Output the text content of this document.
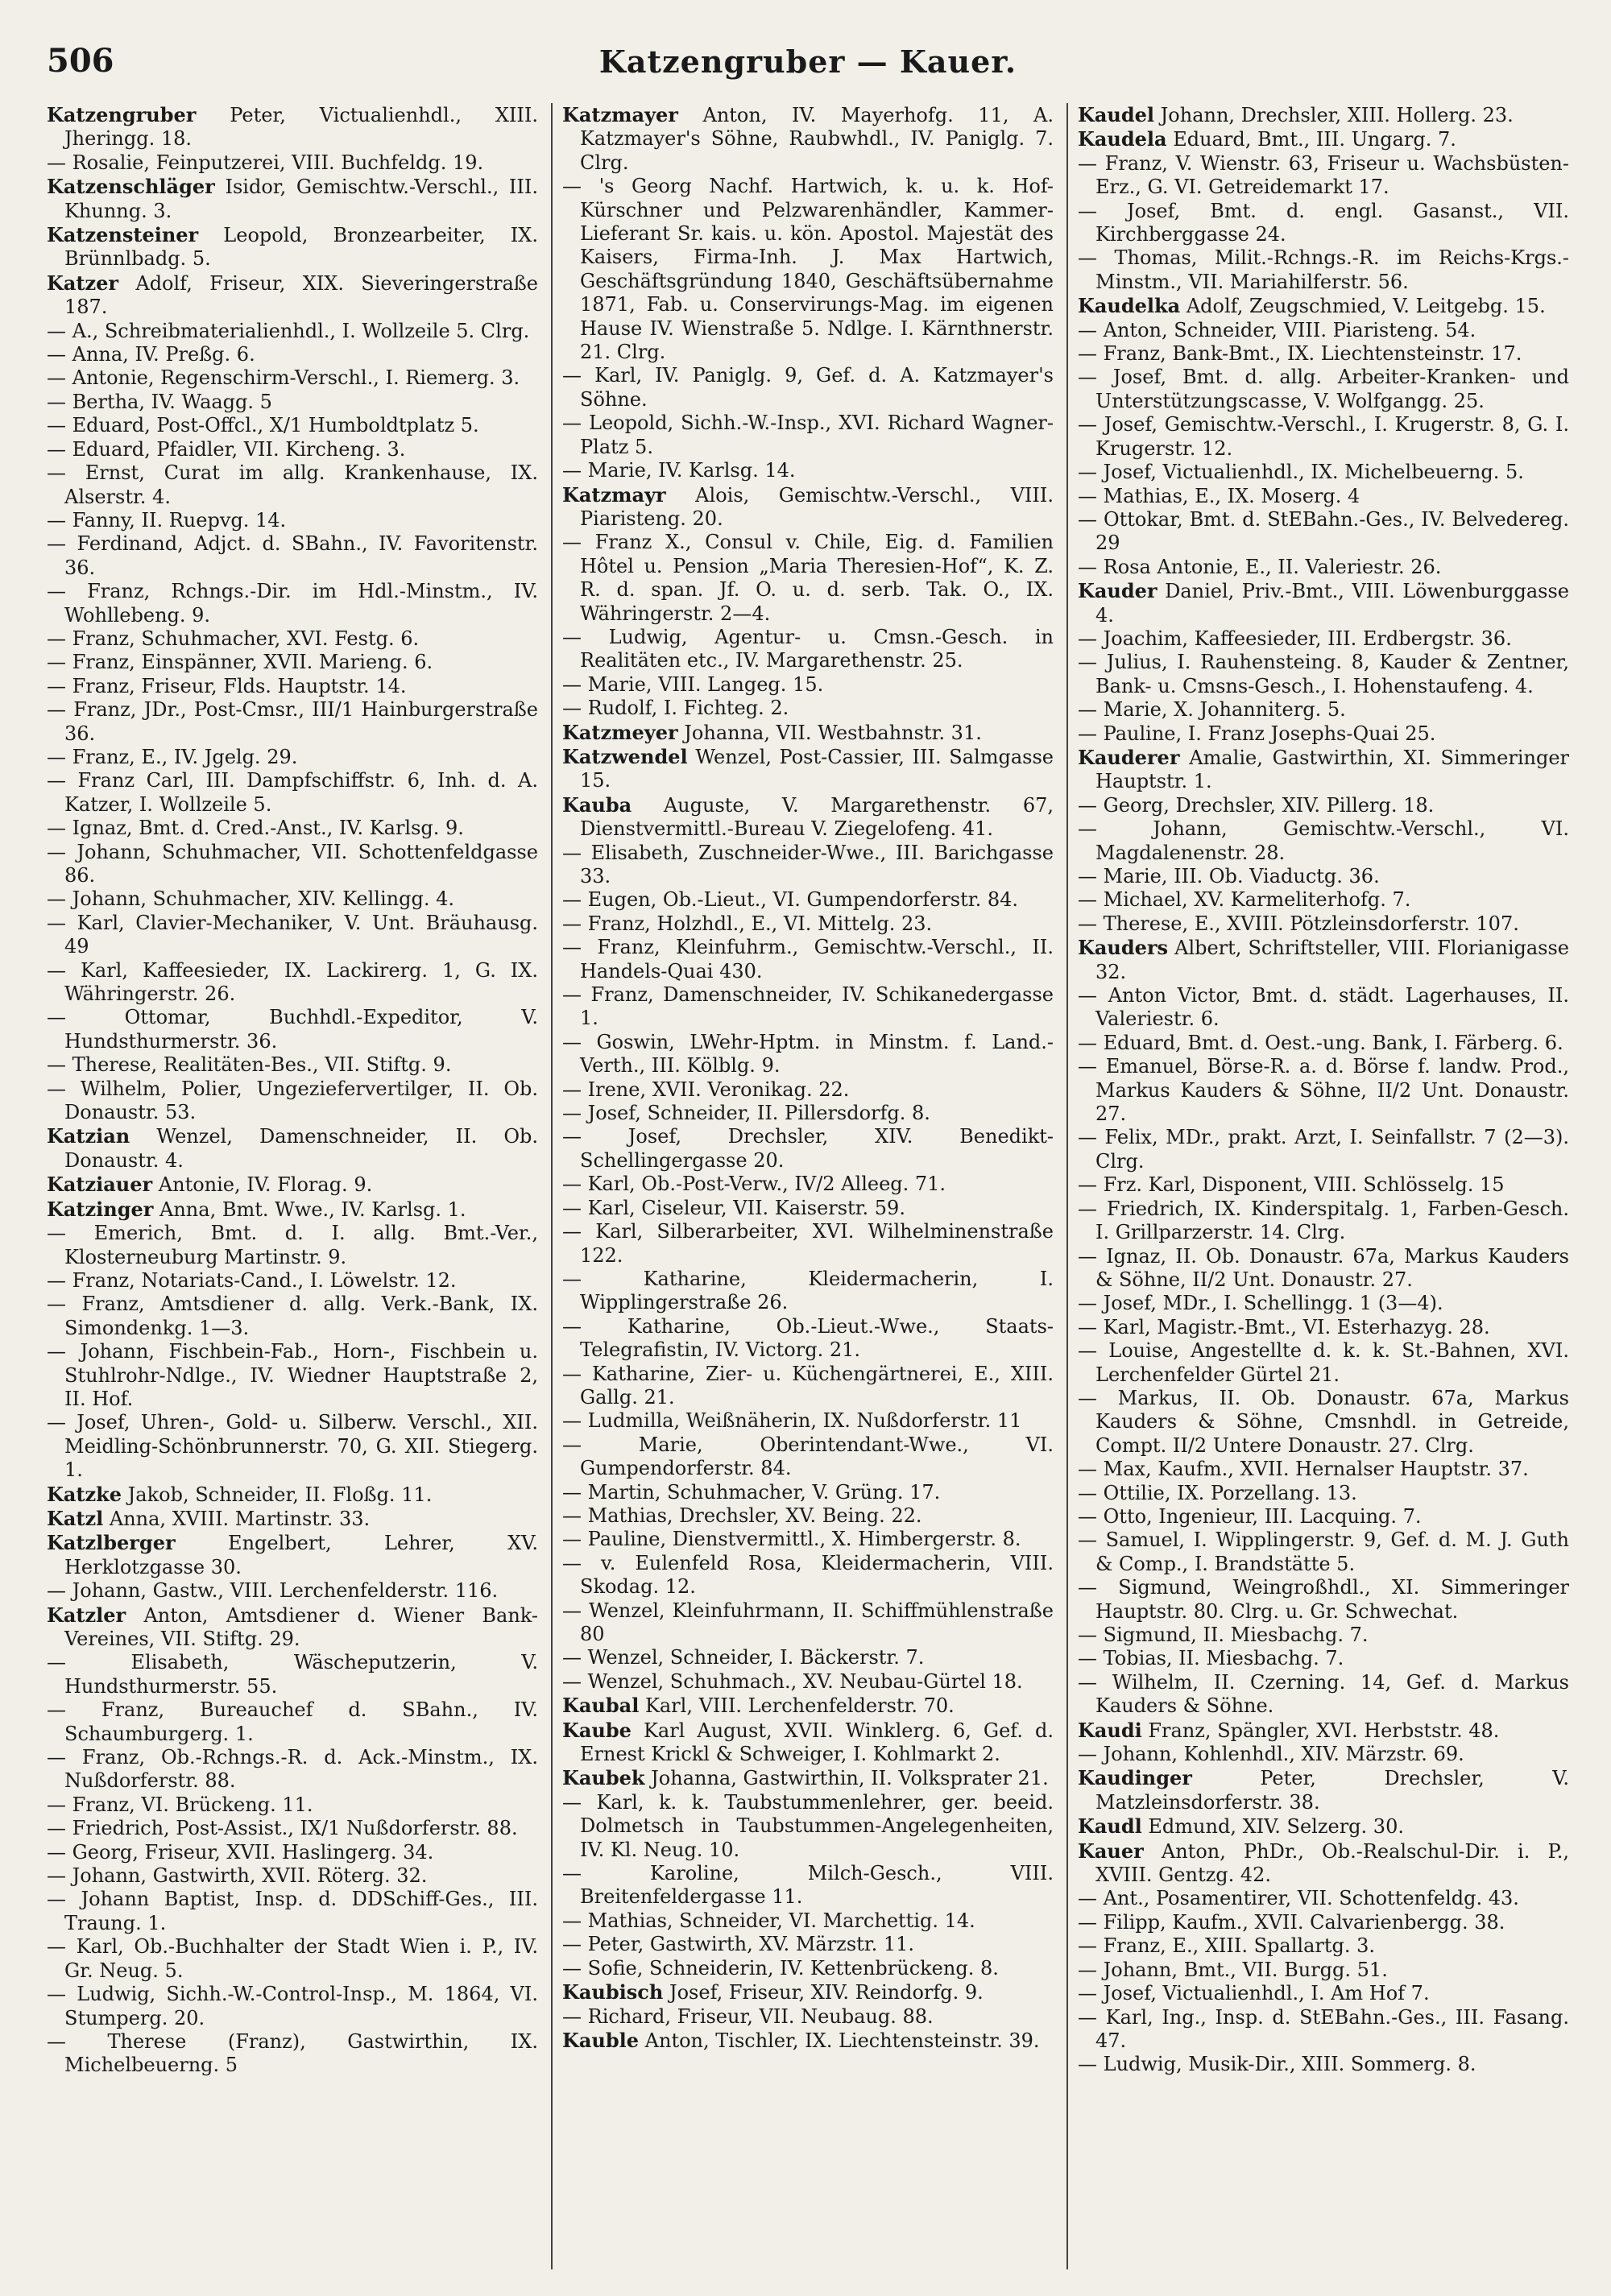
506	Katzengruber — Kauer.

Katzengruber Peter, Victualienhdl., XIII. Jheringg. 18.

— Rosalie, Feinputzerei, VIII. Buchfeldg. 19.

Katzenschläger Isidor, Gemischtw.-Verschl., III. Khunng. 3.

Katzensteiner Leopold, Bronzearbeiter, IX. Brünnlbadg. 5.

Katzer Adolf, Friseur, XIX. Sieveringerstraße 187.

— A., Schreibmaterialienhdl., I. Wollzeile 5. Clrg.

— Anna, IV. Preßg. 6.

— Antonie, Regenschirm-Verschl., I. Riemerg. 3.

— Bertha, IV. Waagg. 5

— Eduard, Post-Offcl., X/1 Humboldtplatz 5.

— Eduard, Pfaidler, VII. Kircheng. 3.

— Ernst, Curat im allg. Krankenhause, IX. Alserstr. 4.

— Fanny, II. Ruepvg. 14.

— Ferdinand, Adjct. d. SBahn., IV. Favoritenstr. 36.

— Franz, Rchngs.-Dir. im Hdl.-Minstm., IV. Wohllebeng. 9.

— Franz, Schuhmacher, XVI. Festg. 6.

— Franz, Einspänner, XVII. Marieng. 6.

— Franz, Friseur, Flds. Hauptstr. 14.

— Franz, JDr., Post-Cmsr., III/1 Hainburgerstraße 36.

— Franz, E., IV. Jgelg. 29.

— Franz Carl, III. Dampfschiffstr. 6, Inh. d. A. Katzer, I. Wollzeile 5.

— Ignaz, Bmt. d. Cred.-Anst., IV. Karlsg. 9.

— Johann, Schuhmacher, VII. Schottenfeldgasse 86.

— Johann, Schuhmacher, XIV. Kellingg. 4.

— Karl, Clavier-Mechaniker, V. Unt. Bräuhausg. 49

— Karl, Kaffeesieder, IX. Lackirerg. 1, G. IX. Währingerstr. 26.

— Ottomar, Buchhdl.-Expeditor, V. Hundsthurmerstr. 36.

— Therese, Realitäten-Bes., VII. Stiftg. 9.

— Wilhelm, Polier, Ungeziefervertilger, II. Ob. Donaustr. 53.

Katzian Wenzel, Damenschneider, II. Ob. Donaustr. 4.

Katziauer Antonie, IV. Florag. 9.

Katzinger Anna, Bmt. Wwe., IV. Karlsg. 1.

— Emerich, Bmt. d. I. allg. Bmt.-Ver., Klosterneuburg Martinstr. 9.

— Franz, Notariats-Cand., I. Löwelstr. 12.

— Franz, Amtsdiener d. allg. Verk.-Bank, IX. Simondenkg. 1—3.

— Johann, Fischbein-Fab., Horn-, Fischbein u. Stuhlrohr-Ndlge., IV. Wiedner Hauptstraße 2, II. Hof.

— Josef, Uhren-, Gold- u. Silberw. Verschl., XII. Meidling-Schönbrunnerstr. 70, G. XII. Stiegerg. 1.

Katzke Jakob, Schneider, II. Floßg. 11.

Katzl Anna, XVIII. Martinstr. 33.

Katzlberger Engelbert, Lehrer, XV. Herklotzgasse 30.

— Johann, Gastw., VIII. Lerchenfelderstr. 116.

Katzler Anton, Amtsdiener d. Wiener Bank-Vereines, VII. Stiftg. 29.

— Elisabeth, Wäscheputzerin, V. Hundsthurmerstr. 55.

— Franz, Bureauchef d. SBahn., IV. Schaumburgerg. 1.

— Franz, Ob.-Rchngs.-R. d. Ack.-Minstm., IX. Nußdorferstr. 88.

— Franz, VI. Brückeng. 11.

— Friedrich, Post-Assist., IX/1 Nußdorferstr. 88.

— Georg, Friseur, XVII. Haslingerg. 34.

— Johann, Gastwirth, XVII. Röterg. 32.

— Johann Baptist, Insp. d. DDSchiff-Ges., III. Traung. 1.

— Karl, Ob.-Buchhalter der Stadt Wien i. P., IV. Gr. Neug. 5.

— Ludwig, Sichh.-W.-Control-Insp., M. 1864, VI. Stumperg. 20.

— Therese (Franz), Gastwirthin, IX. Michelbeuerng. 5

Katzmayer Anton, IV. Mayerhofg. 11, A. Katzmayer's Söhne, Raubwhdl., IV. Paniglg. 7. Clrg.

— 's Georg Nachf. Hartwich, k. u. k. Hof-Kürschner und Pelzwarenhändler, Kammer-Lieferant Sr. kais. u. kön. Apostol. Majestät des Kaisers, Firma-Inh. J. Max Hartwich, Geschäftsgründung 1840, Geschäftsübernahme 1871, Fab. u. Conservirungs-Mag. im eigenen Hause IV. Wienstraße 5. Ndlge. I. Kärnthnerstr. 21. Clrg.

— Karl, IV. Paniglg. 9, Gef. d. A. Katzmayer's Söhne.

— Leopold, Sichh.-W.-Insp., XVI. Richard Wagner-Platz 5.

— Marie, IV. Karlsg. 14.

Katzmayr Alois, Gemischtw.-Verschl., VIII. Piaristeng. 20.

— Franz X., Consul v. Chile, Eig. d. Familien Hôtel u. Pension „Maria Theresien-Hof“, K. Z. R. d. span. Jf. O. u. d. serb. Tak. O., IX. Währingerstr. 2—4.

— Ludwig, Agentur- u. Cmsn.-Gesch. in Realitäten etc., IV. Margarethenstr. 25.

— Marie, VIII. Langeg. 15.

— Rudolf, I. Fichteg. 2.

Katzmeyer Johanna, VII. Westbahnstr. 31.

Katzwendel Wenzel, Post-Cassier, III. Salmgasse 15.

Kauba Auguste, V. Margarethenstr. 67, Dienstvermittl.-Bureau V. Ziegelofeng. 41.

— Elisabeth, Zuschneider-Wwe., III. Barichgasse 33.

— Eugen, Ob.-Lieut., VI. Gumpendorferstr. 84.

— Franz, Holzhdl., E., VI. Mittelg. 23.

— Franz, Kleinfuhrm., Gemischtw.-Verschl., II. Handels-Quai 430.

— Franz, Damenschneider, IV. Schikanedergasse 1.

— Goswin, LWehr-Hptm. in Minstm. f. Land.-Verth., III. Kölblg. 9.

— Irene, XVII. Veronikag. 22.

— Josef, Schneider, II. Pillersdorfg. 8.

— Josef, Drechsler, XIV. Benedikt-Schellingergasse 20.

— Karl, Ob.-Post-Verw., IV/2 Alleeg. 71.

— Karl, Ciseleur, VII. Kaiserstr. 59.

— Karl, Silberarbeiter, XVI. Wilhelminenstraße 122.

— Katharine, Kleidermacherin, I. Wipplingerstraße 26.

— Katharine, Ob.-Lieut.-Wwe., Staats-Telegrafistin, IV. Victorg. 21.

— Katharine, Zier- u. Küchengärtnerei, E., XIII. Gallg. 21.

— Ludmilla, Weißnäherin, IX. Nußdorferstr. 11

— Marie, Oberintendant-Wwe., VI. Gumpendorferstr. 84.

— Martin, Schuhmacher, V. Grüng. 17.

— Mathias, Drechsler, XV. Being. 22.

— Pauline, Dienstvermittl., X. Himbergerstr. 8.

— v. Eulenfeld Rosa, Kleidermacherin, VIII. Skodag. 12.

— Wenzel, Kleinfuhrmann, II. Schiffmühlenstraße 80

— Wenzel, Schneider, I. Bäckerstr. 7.

— Wenzel, Schuhmach., XV. Neubau-Gürtel 18.

Kaubal Karl, VIII. Lerchenfelderstr. 70.

Kaube Karl August, XVII. Winklerg. 6, Gef. d. Ernest Krickl & Schweiger, I. Kohlmarkt 2.

Kaubek Johanna, Gastwirthin, II. Volksprater 21.

— Karl, k. k. Taubstummenlehrer, ger. beeid. Dolmetsch in Taubstummen-Angelegenheiten, IV. Kl. Neug. 10.

— Karoline, Milch-Gesch., VIII. Breitenfeldergasse 11.

— Mathias, Schneider, VI. Marchettig. 14.

— Peter, Gastwirth, XV. Märzstr. 11.

— Sofie, Schneiderin, IV. Kettenbrückeng. 8.

Kaubisch Josef, Friseur, XIV. Reindorfg. 9.

— Richard, Friseur, VII. Neubaug. 88.

Kauble Anton, Tischler, IX. Liechtensteinstr. 39.

Kaudel Johann, Drechsler, XIII. Hollerg. 23.

Kaudela Eduard, Bmt., III. Ungarg. 7.

— Franz, V. Wienstr. 63, Friseur u. Wachsbüsten-Erz., G. VI. Getreidemarkt 17.

— Josef, Bmt. d. engl. Gasanst., VII. Kirchberggasse 24.

— Thomas, Milit.-Rchngs.-R. im Reichs-Krgs.-Minstm., VII. Mariahilferstr. 56.

Kaudelka Adolf, Zeugschmied, V. Leitgebg. 15.

— Anton, Schneider, VIII. Piaristeng. 54.

— Franz, Bank-Bmt., IX. Liechtensteinstr. 17.

— Josef, Bmt. d. allg. Arbeiter-Kranken- und Unterstützungscasse, V. Wolfgangg. 25.

— Josef, Gemischtw.-Verschl., I. Krugerstr. 8, G. I. Krugerstr. 12.

— Josef, Victualienhdl., IX. Michelbeuerng. 5.

— Mathias, E., IX. Moserg. 4

— Ottokar, Bmt. d. StEBahn.-Ges., IV. Belvedereg. 29

— Rosa Antonie, E., II. Valeriestr. 26.

Kauder Daniel, Priv.-Bmt., VIII. Löwenburggasse 4.

— Joachim, Kaffeesieder, III. Erdbergstr. 36.

— Julius, I. Rauhensteing. 8, Kauder & Zentner, Bank- u. Cmsns-Gesch., I. Hohenstaufeng. 4.

— Marie, X. Johanniterg. 5.

— Pauline, I. Franz Josephs-Quai 25.

Kauderer Amalie, Gastwirthin, XI. Simmeringer Hauptstr. 1.

— Georg, Drechsler, XIV. Pillerg. 18.

— Johann, Gemischtw.-Verschl., VI. Magdalenenstr. 28.

— Marie, III. Ob. Viaductg. 36.

— Michael, XV. Karmeliterhofg. 7.

— Therese, E., XVIII. Pötzleinsdorferstr. 107.

Kauders Albert, Schriftsteller, VIII. Florianigasse 32.

— Anton Victor, Bmt. d. städt. Lagerhauses, II. Valeriestr. 6.

— Eduard, Bmt. d. Oest.-ung. Bank, I. Färberg. 6.

— Emanuel, Börse-R. a. d. Börse f. landw. Prod., Markus Kauders & Söhne, II/2 Unt. Donaustr. 27.

— Felix, MDr., prakt. Arzt, I. Seinfallstr. 7 (2—3). Clrg.

— Frz. Karl, Disponent, VIII. Schlösselg. 15

— Friedrich, IX. Kinderspitalg. 1, Farben-Gesch. I. Grillparzerstr. 14. Clrg.

— Ignaz, II. Ob. Donaustr. 67a, Markus Kauders & Söhne, II/2 Unt. Donaustr. 27.

— Josef, MDr., I. Schellingg. 1 (3—4).

— Karl, Magistr.-Bmt., VI. Esterhazyg. 28.

— Louise, Angestellte d. k. k. St.-Bahnen, XVI. Lerchenfelder Gürtel 21.

— Markus, II. Ob. Donaustr. 67a, Markus Kauders & Söhne, Cmsnhdl. in Getreide, Compt. II/2 Untere Donaustr. 27. Clrg.

— Max, Kaufm., XVII. Hernalser Hauptstr. 37.

— Ottilie, IX. Porzellang. 13.

— Otto, Ingenieur, III. Lacquing. 7.

— Samuel, I. Wipplingerstr. 9, Gef. d. M. J. Guth & Comp., I. Brandstätte 5.

— Sigmund, Weingroßhdl., XI. Simmeringer Hauptstr. 80. Clrg. u. Gr. Schwechat.

— Sigmund, II. Miesbachg. 7.

— Tobias, II. Miesbachg. 7.

— Wilhelm, II. Czerning. 14, Gef. d. Markus Kauders & Söhne.

Kaudi Franz, Spängler, XVI. Herbststr. 48.

— Johann, Kohlenhdl., XIV. Märzstr. 69.

Kaudinger Peter, Drechsler, V. Matzleinsdorferstr. 38.

Kaudl Edmund, XIV. Selzerg. 30.

Kauer Anton, PhDr., Ob.-Realschul-Dir. i. P., XVIII. Gentzg. 42.

— Ant., Posamentirer, VII. Schottenfeldg. 43.

— Filipp, Kaufm., XVII. Calvarienbergg. 38.

— Franz, E., XIII. Spallartg. 3.

— Johann, Bmt., VII. Burgg. 51.

— Josef, Victualienhdl., I. Am Hof 7.

— Karl, Ing., Insp. d. StEBahn.-Ges., III. Fasang. 47.

— Ludwig, Musik-Dir., XIII. Sommerg. 8.
